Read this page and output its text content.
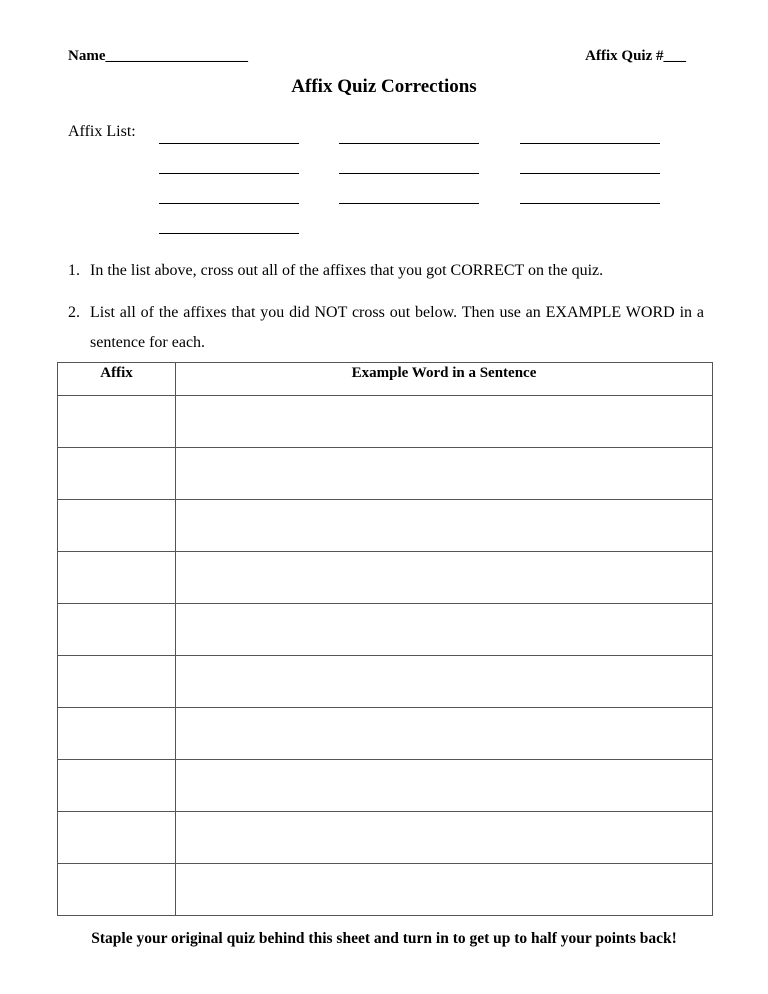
Name___________________	Affix Quiz #___
Affix Quiz Corrections
Affix List:
1. In the list above, cross out all of the affixes that you got CORRECT on the quiz.
2. List all of the affixes that you did NOT cross out below. Then use an EXAMPLE WORD in a sentence for each.
Affix	Example Word in a Sentence

Staple your original quiz behind this sheet and turn in to get up to half your points back!
